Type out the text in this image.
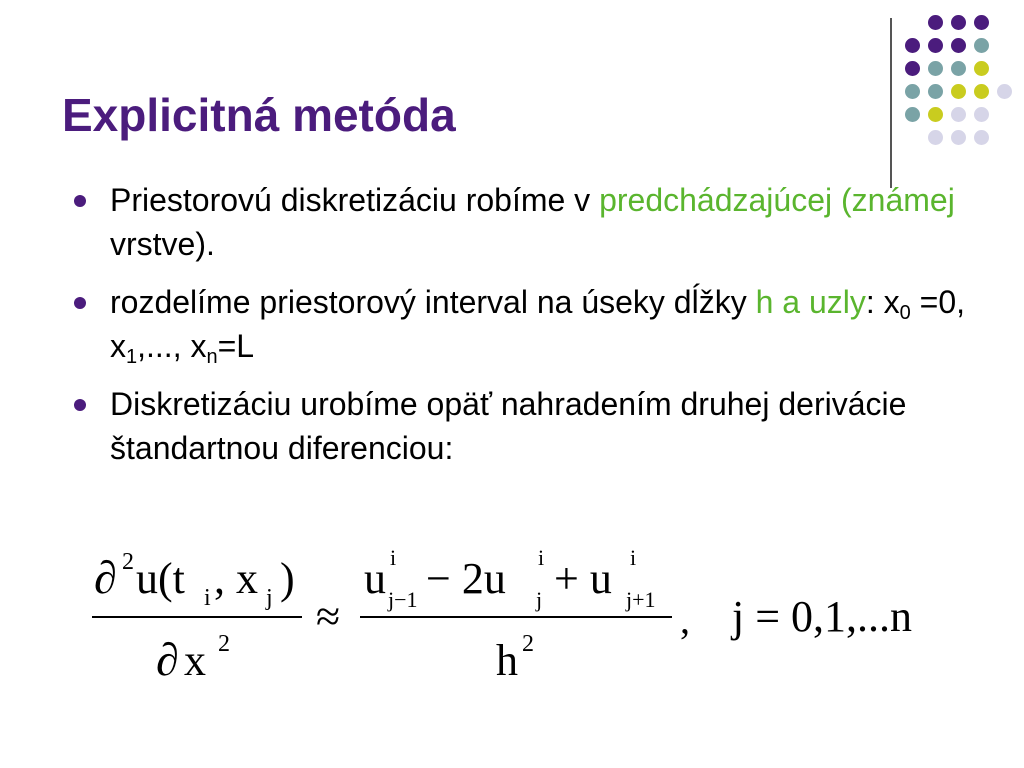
Explicitná metóda
Priestorovú diskretizáciu robíme v predchádzajúcej (známej vrstve).
rozdelíme priestorový interval na úseky dĺžky h a uzly: $x_0 =0$, $x_1$,..., $x_n=L$
Diskretizáciu urobíme opäť nahradením druhej derivácie štandartnou diferenciou:
∂ 2 u(t i , x j )
∂ x 2
≈
u i
j−1 − 2u i
j + u i
j+1
h 2
, j = 0,1,...n
